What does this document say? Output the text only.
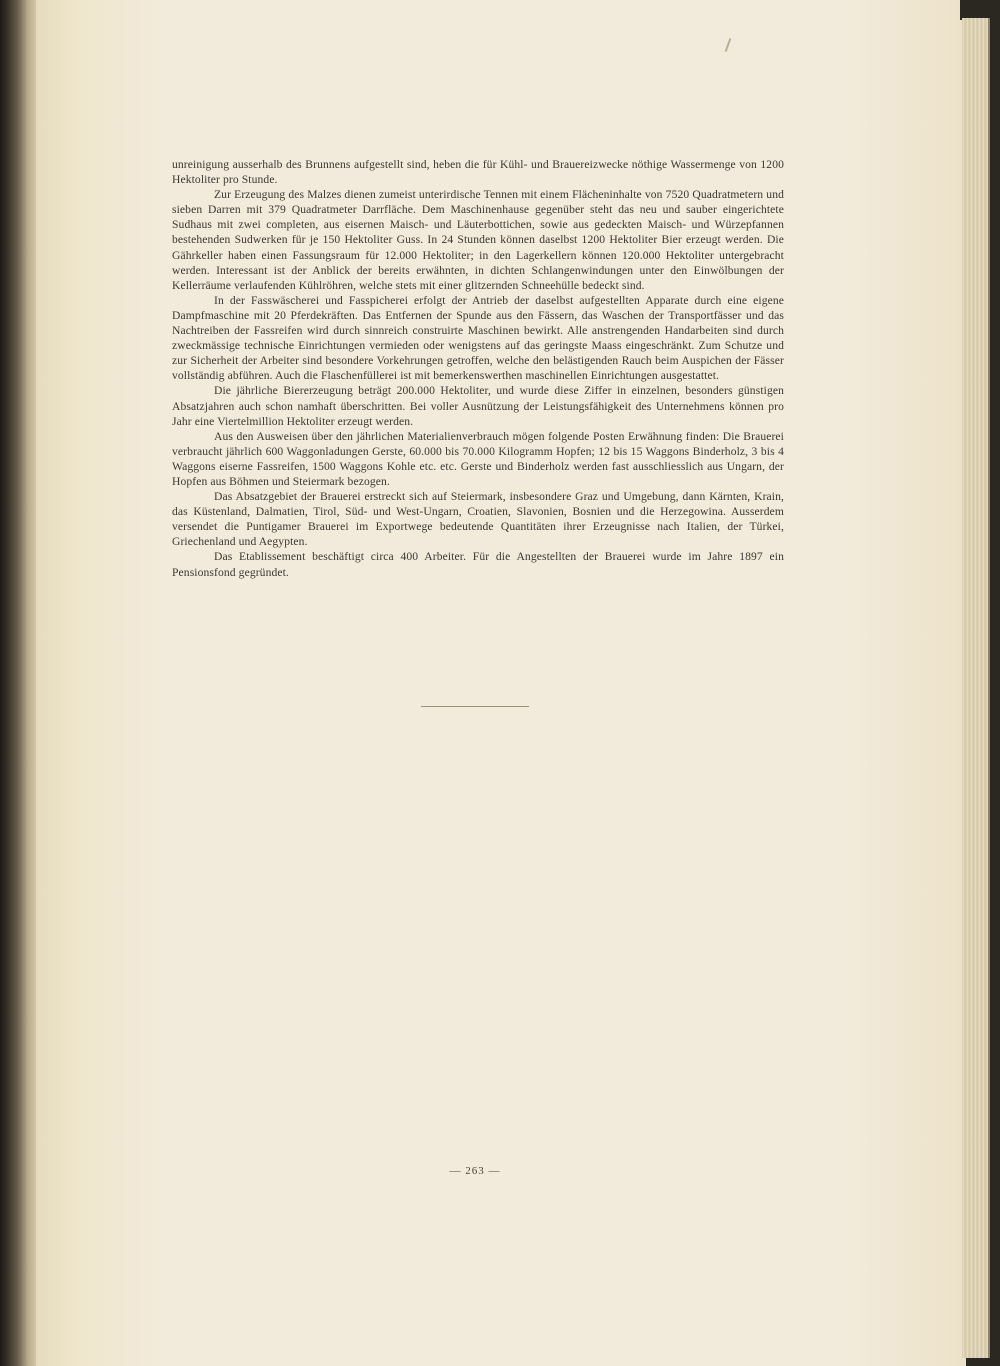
unreinigung ausserhalb des Brunnens aufgestellt sind, heben die für Kühl- und Brauereizwecke nöthige Wassermenge von 1200 Hektoliter pro Stunde.

Zur Erzeugung des Malzes dienen zumeist unterirdische Tennen mit einem Flächeninhalte von 7520 Quadratmetern und sieben Darren mit 379 Quadratmeter Darrfläche. Dem Maschinenhause gegenüber steht das neu und sauber eingerichtete Sudhaus mit zwei completen, aus eisernen Maisch- und Läuterbottichen, sowie aus gedeckten Maisch- und Würzepfannen bestehenden Sudwerken für je 150 Hektoliter Guss. In 24 Stunden können daselbst 1200 Hektoliter Bier erzeugt werden. Die Gährkeller haben einen Fassungsraum für 12.000 Hektoliter; in den Lagerkellern können 120.000 Hektoliter untergebracht werden. Interessant ist der Anblick der bereits erwähnten, in dichten Schlangenwindungen unter den Einwölbungen der Kellerräume verlaufenden Kühlröhren, welche stets mit einer glitzernden Schneehülle bedeckt sind.

In der Fasswäscherei und Fasspicherei erfolgt der Antrieb der daselbst aufgestellten Apparate durch eine eigene Dampfmaschine mit 20 Pferdekräften. Das Entfernen der Spunde aus den Fässern, das Waschen der Transportfässer und das Nachtreiben der Fassreifen wird durch sinnreich construirte Maschinen bewirkt. Alle anstrengenden Handarbeiten sind durch zweckmässige technische Einrichtungen vermieden oder wenigstens auf das geringste Maass eingeschränkt. Zum Schutze und zur Sicherheit der Arbeiter sind besondere Vorkehrungen getroffen, welche den belästigenden Rauch beim Auspichen der Fässer vollständig abführen. Auch die Flaschenfüllerei ist mit bemerkenswerthen maschinellen Einrichtungen ausgestattet.

Die jährliche Biererzeugung beträgt 200.000 Hektoliter, und wurde diese Ziffer in einzelnen, besonders günstigen Absatzjahren auch schon namhaft überschritten. Bei voller Ausnützung der Leistungsfähigkeit des Unternehmens können pro Jahr eine Viertelmillion Hektoliter erzeugt werden.

Aus den Ausweisen über den jährlichen Materialienverbrauch mögen folgende Posten Erwähnung finden: Die Brauerei verbraucht jährlich 600 Waggonladungen Gerste, 60.000 bis 70.000 Kilogramm Hopfen; 12 bis 15 Waggons Binderholz, 3 bis 4 Waggons eiserne Fassreifen, 1500 Waggons Kohle etc. etc. Gerste und Binderholz werden fast ausschliesslich aus Ungarn, der Hopfen aus Böhmen und Steiermark bezogen.

Das Absatzgebiet der Brauerei erstreckt sich auf Steiermark, insbesondere Graz und Umgebung, dann Kärnten, Krain, das Küstenland, Dalmatien, Tirol, Süd- und West-Ungarn, Croatien, Slavonien, Bosnien und die Herzegowina. Ausserdem versendet die Puntigamer Brauerei im Exportwege bedeutende Quantitäten ihrer Erzeugnisse nach Italien, der Türkei, Griechenland und Aegypten.

Das Etablissement beschäftigt circa 400 Arbeiter. Für die Angestellten der Brauerei wurde im Jahre 1897 ein Pensionsfond gegründet.

— 263 —
